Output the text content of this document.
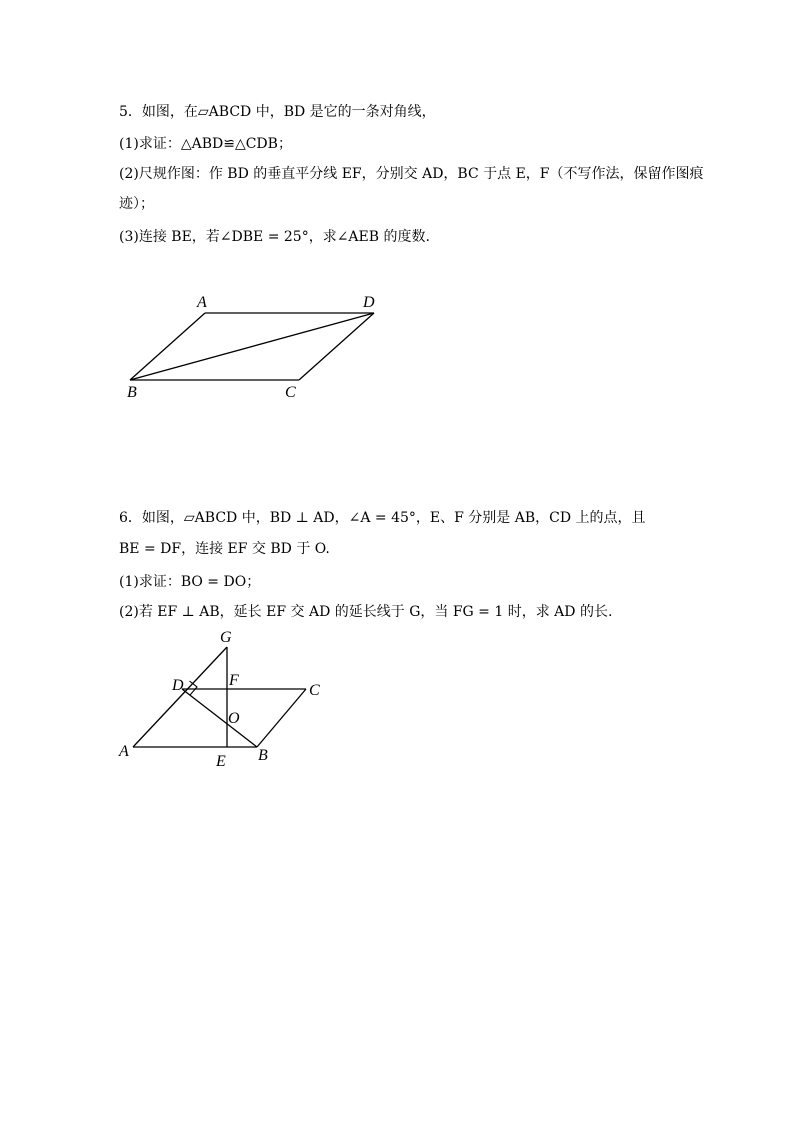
5．如图，在▱ABCD 中，BD 是它的一条对角线，

(1)求证：△ABD≌△CDB；

(2)尺规作图：作 BD 的垂直平分线 EF，分别交 AD，BC 于点 E，F（不写作法，保留作图痕

迹）；

(3)连接 BE，若∠DBE = 25°，求∠AEB 的度数.

A	D
B	C

6．如图，▱ABCD 中，BD ⊥ AD，∠A = 45°，E、F 分别是 AB，CD 上的点，且

BE = DF，连接 EF 交 BD 于 O.

(1)求证：BO = DO；

(2)若 EF ⊥ AB，延长 EF 交 AD 的延长线于 G，当 FG = 1 时，求 AD 的长.

G
D	F
C
O
A
E B
